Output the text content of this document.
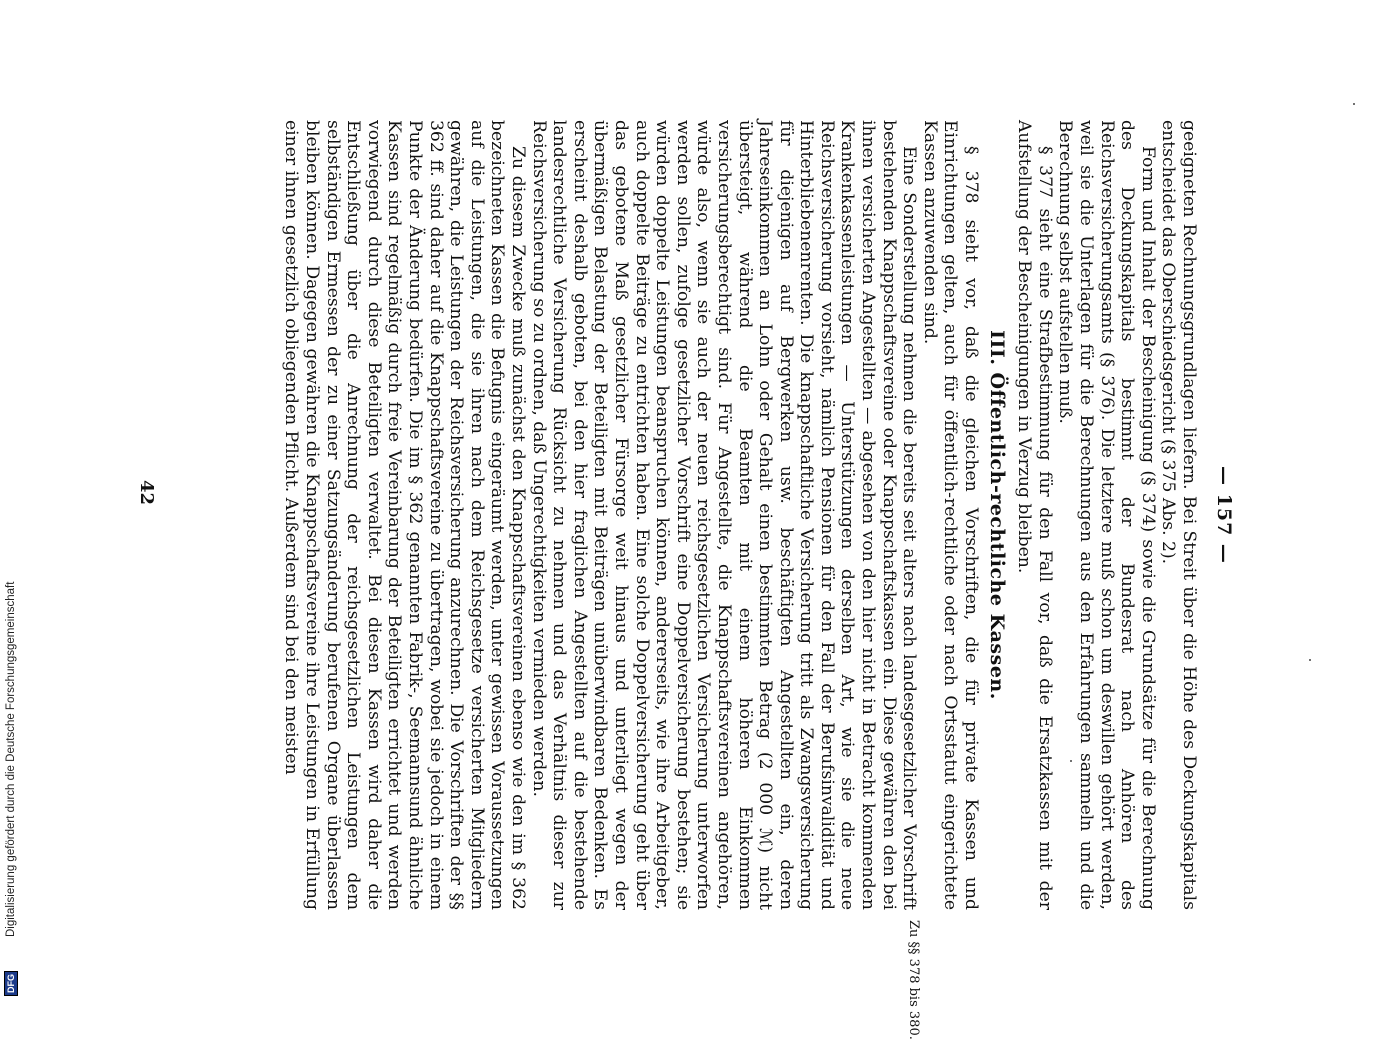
— 157 —

geeigneten Rechnungsgrundlagen liefern. Bei Streit über die Höhe des Deckungskapitals entscheidet das Oberschiedsgericht (§ 375 Abs. 2).

Form und Inhalt der Bescheinigung (§ 374) sowie die Grundsätze für die Berechnung des Deckungskapitals bestimmt der Bundesrat nach Anhören des Reichsversicherungsamts (§ 376). Die letztere muß schon um deswillen gehört werden, weil sie die Unterlagen für die Berechnungen aus den Erfahrungen sammeln und die Berechnung selbst aufstellen muß.

§ 377 sieht eine Strafbestimmung für den Fall vor, daß die Ersatzkassen mit der Aufstellung der Bescheinigungen in Verzug bleiben.

III. Öffentlich-rechtliche Kassen.

§ 378 sieht vor, daß die gleichen Vorschriften, die für private Kassen und Einrichtungen gelten, auch für öffentlich-rechtliche oder nach Ortsstatut eingerichtete Kassen anzuwenden sind.

Eine Sonderstellung nehmen die bereits seit alters nach landesgesetzlicher Vorschrift bestehenden Knappschaftsvereine oder Knappschaftskassen ein. Diese gewähren den bei ihnen versicherten Angestellten — abgesehen von den hier nicht in Betracht kommenden Krankenkassenleistungen — Unterstützungen derselben Art, wie sie die neue Reichsversicherung vorsieht, nämlich Pensionen für den Fall der Berufsinvalidität und Hinterbliebenenrenten. Die knappschaftliche Versicherung tritt als Zwangsversicherung für diejenigen auf Bergwerken usw. beschäftigten Angestellten ein, deren Jahreseinkommen an Lohn oder Gehalt einen bestimmten Betrag (2 000 ℳ) nicht übersteigt, während die Beamten mit einem höheren Einkommen versicherungsberechtigt sind. Für Angestellte, die Knappschaftsvereinen angehören, würde also, wenn sie auch der neuen reichsgesetzlichen Versicherung unterworfen werden sollen, zufolge gesetzlicher Vorschrift eine Doppelversicherung bestehen; sie würden doppelte Leistungen beanspruchen können, andererseits, wie ihre Arbeitgeber, auch doppelte Beiträge zu entrichten haben. Eine solche Doppelversicherung geht über das gebotene Maß gesetzlicher Fürsorge weit hinaus und unterliegt wegen der übermäßigen Belastung der Beteiligten mit Beiträgen unüberwindbaren Bedenken. Es erscheint deshalb geboten, bei den hier fraglichen Angestellten auf die bestehende landesrechtliche Versicherung Rücksicht zu nehmen und das Verhältnis dieser zur Reichsversicherung so zu ordnen, daß Ungerechtigkeiten vermieden werden.

Zu diesem Zwecke muß zunächst den Knappschaftsvereinen ebenso wie den im § 362 bezeichneten Kassen die Befugnis eingeräumt werden, unter gewissen Voraussetzungen auf die Leistungen, die sie ihren nach dem Reichsgesetze versicherten Mitgliedern gewähren, die Leistungen der Reichsversicherung anzurechnen. Die Vorschriften der §§ 362 ff. sind daher auf die Knappschaftsvereine zu übertragen, wobei sie jedoch in einem Punkte der Änderung bedürfen. Die im § 362 genannten Fabrik-, Seemannsund ähnliche Kassen sind regelmäßig durch freie Vereinbarung der Beteiligten errichtet und werden vorwiegend durch diese Beteiligten verwaltet. Bei diesen Kassen wird daher die Entschließung über die Anrechnung der reichsgesetzlichen Leistungen dem selbständigen Ermessen der zu einer Satzungsänderung berufenen Organe überlassen bleiben können. Dagegen gewähren die Knappschaftsvereine ihre Leistungen in Erfüllung einer ihnen gesetzlich obliegenden Pflicht. Außerdem sind bei den meisten

Zu §§ 378 bis 380.
42
DFG
Digitalisierung gefördert durch die Deutsche Forschungsgemeinschaft
